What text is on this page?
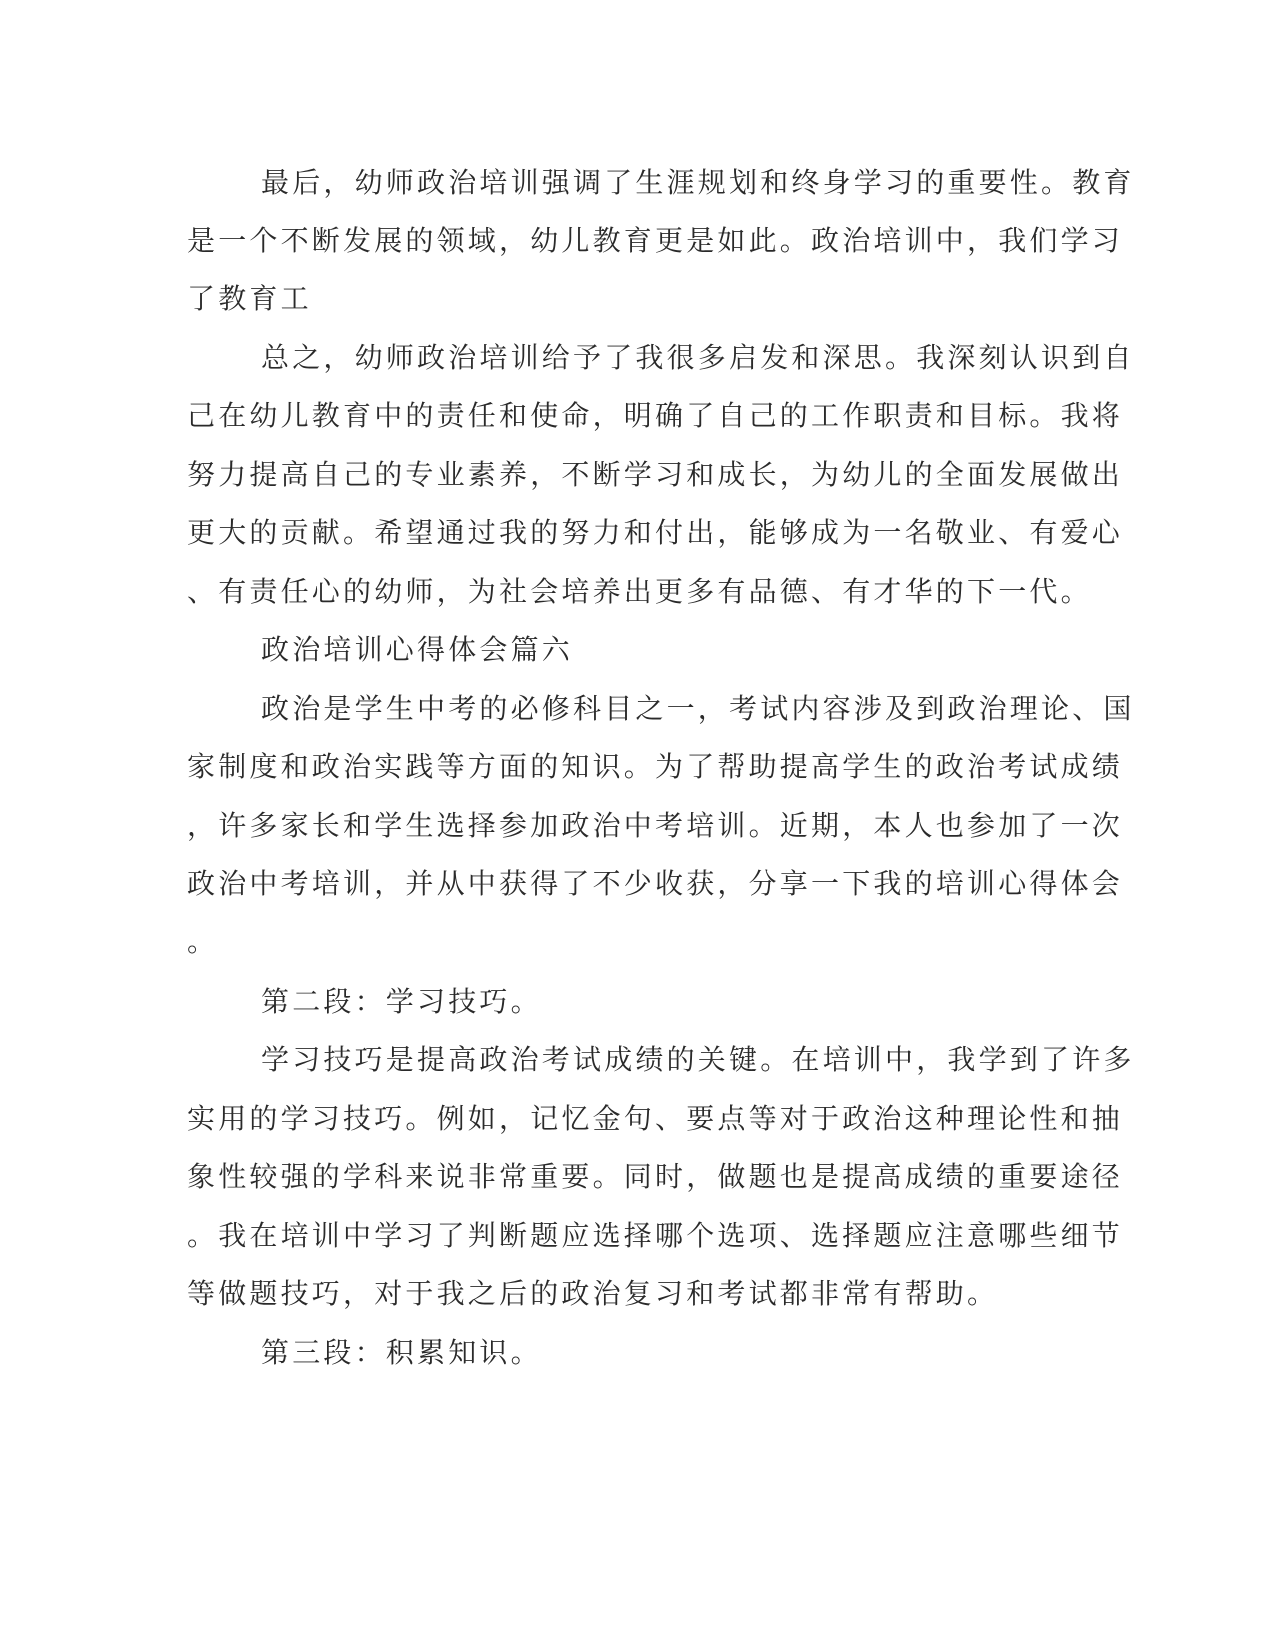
最后，幼师政治培训强调了生涯规划和终身学习的重要性。教育
是一个不断发展的领域，幼儿教育更是如此。政治培训中，我们学习
了教育工
总之，幼师政治培训给予了我很多启发和深思。我深刻认识到自
己在幼儿教育中的责任和使命，明确了自己的工作职责和目标。我将
努力提高自己的专业素养，不断学习和成长，为幼儿的全面发展做出
更大的贡献。希望通过我的努力和付出，能够成为一名敬业、有爱心
、有责任心的幼师，为社会培养出更多有品德、有才华的下一代。
政治培训心得体会篇六
政治是学生中考的必修科目之一，考试内容涉及到政治理论、国
家制度和政治实践等方面的知识。为了帮助提高学生的政治考试成绩
，许多家长和学生选择参加政治中考培训。近期，本人也参加了一次
政治中考培训，并从中获得了不少收获，分享一下我的培训心得体会
。
第二段：学习技巧。
学习技巧是提高政治考试成绩的关键。在培训中，我学到了许多
实用的学习技巧。例如，记忆金句、要点等对于政治这种理论性和抽
象性较强的学科来说非常重要。同时，做题也是提高成绩的重要途径
。我在培训中学习了判断题应选择哪个选项、选择题应注意哪些细节
等做题技巧，对于我之后的政治复习和考试都非常有帮助。
第三段：积累知识。
